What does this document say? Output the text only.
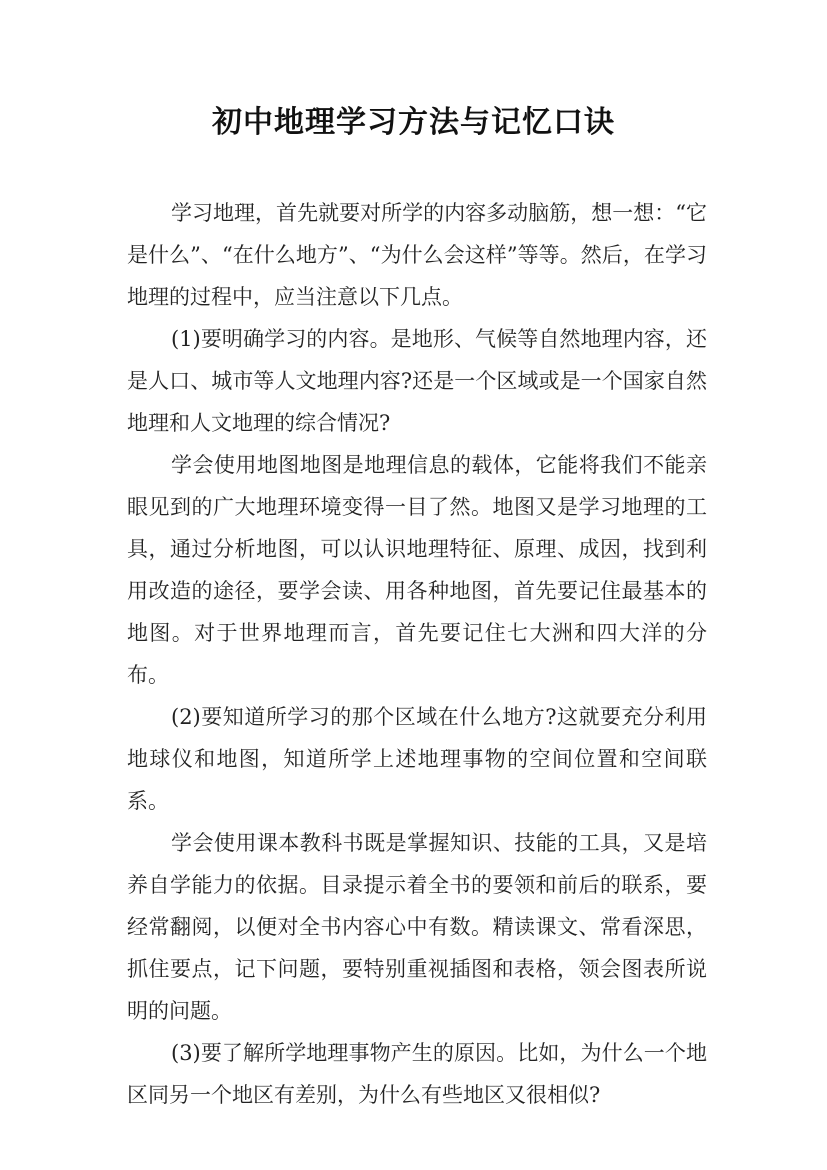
初中地理学习方法与记忆口诀

学习地理，首先就要对所学的内容多动脑筋，想一想：“它是什么”、“在什么地方”、“为什么会这样”等等。然后，在学习地理的过程中，应当注意以下几点。

(1)要明确学习的内容。是地形、气候等自然地理内容，还是人口、城市等人文地理内容?还是一个区域或是一个国家自然地理和人文地理的综合情况?

学会使用地图地图是地理信息的载体，它能将我们不能亲眼见到的广大地理环境变得一目了然。地图又是学习地理的工具，通过分析地图，可以认识地理特征、原理、成因，找到利用改造的途径，要学会读、用各种地图，首先要记住最基本的地图。对于世界地理而言，首先要记住七大洲和四大洋的分布。

(2)要知道所学习的那个区域在什么地方?这就要充分利用地球仪和地图，知道所学上述地理事物的空间位置和空间联系。

学会使用课本教科书既是掌握知识、技能的工具，又是培养自学能力的依据。目录提示着全书的要领和前后的联系，要经常翻阅，以便对全书内容心中有数。精读课文、常看深思，抓住要点，记下问题，要特别重视插图和表格，领会图表所说明的问题。

(3)要了解所学地理事物产生的原因。比如，为什么一个地区同另一个地区有差别，为什么有些地区又很相似?
